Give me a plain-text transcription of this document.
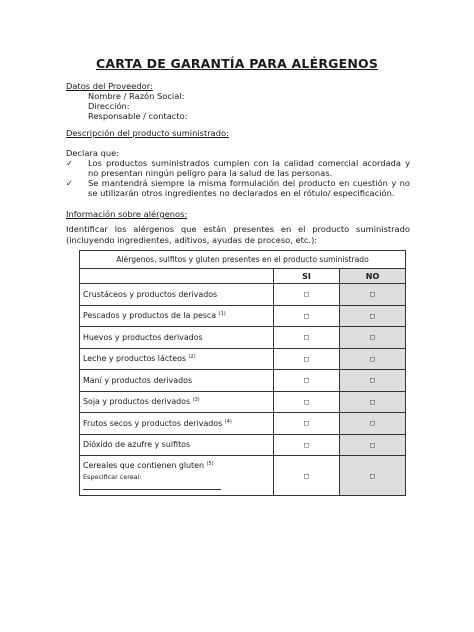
CARTA DE GARANTÍA PARA ALÉRGENOS
Datos del Proveedor:
Nombre / Razón Social:
Dirección:
Responsable / contacto:
Descripción del producto suministrado:
Declara que:
✓ Los productos suministrados cumplen con la calidad comercial acordada y no presentan ningún peligro para la salud de las personas.
✓ Se mantendrá siempre la misma formulación del producto en cuestión y no se utilizarán otros ingredientes no declarados en el rótulo/ especificación.
Información sobre alérgenos:
Identificar los alérgenos que están presentes en el producto suministrado (incluyendo ingredientes, aditivos, ayudas de proceso, etc.):
Alérgenos, sulfitos y gluten presentes en el producto suministrado		
	SI	NO
Crustáceos y productos derivados	◻	◻
Pescados y productos de la pesca $^{(1)}$	◻	◻
Huevos y productos derivados	◻	◻
Leche y productos lácteos $^{(2)}$	◻	◻
Maní y productos derivados	◻	◻
Soja y productos derivados $^{(3)}$	◻	◻
Frutos secos y productos derivados $^{(4)}$	◻	◻
Dióxido de azufre y sulfitos	◻	◻
Cereales que contienen gluten $^{(5)}$
Especificar cereal:	◻	◻
